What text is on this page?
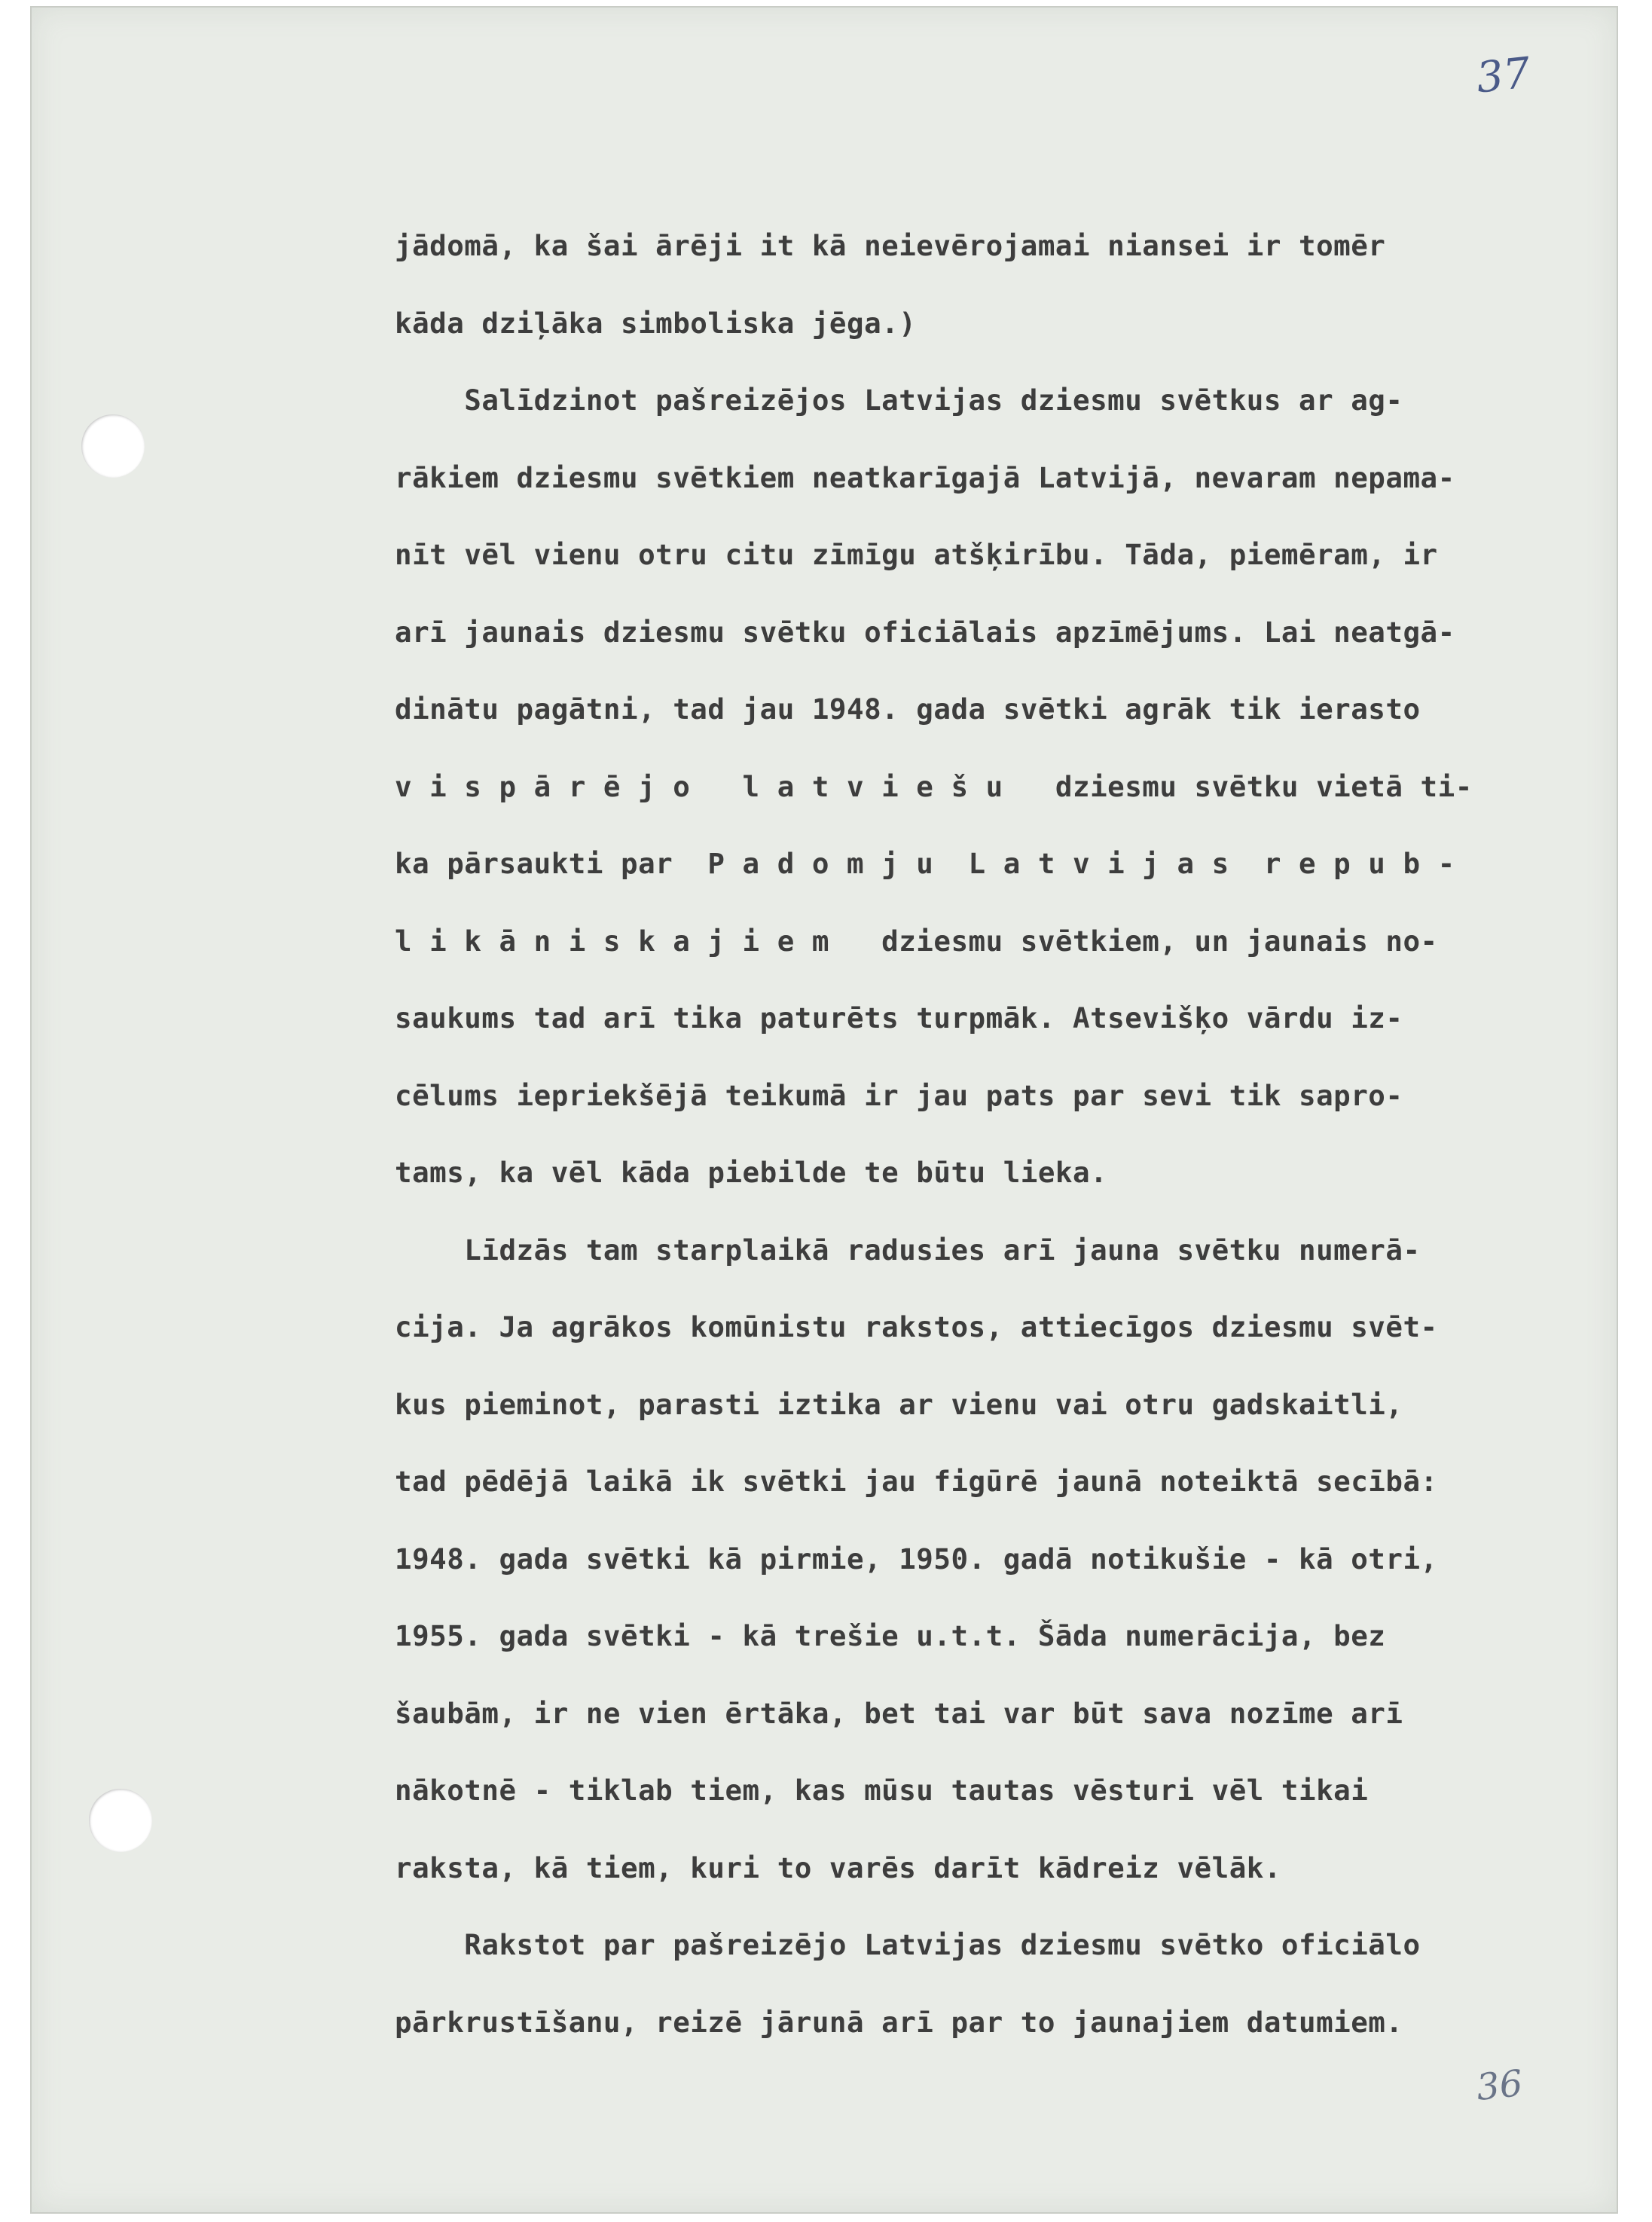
37
36
jādomā, ka šai ārēji it kā neievērojamai niansei ir tomēr
kāda dziļāka simboliska jēga.)
Salīdzinot pašreizējos Latvijas dziesmu svētkus ar ag-
rākiem dziesmu svētkiem neatkarīgajā Latvijā, nevaram nepama-
nīt vēl vienu otru citu zīmīgu atšķirību. Tāda, piemēram, ir
arī jaunais dziesmu svētku oficiālais apzīmējums. Lai neatgā-
dinātu pagātni, tad jau 1948. gada svētki agrāk tik ierasto
v i s p ā r ē j o   l a t v i e š u   dziesmu svētku vietā ti-
ka pārsaukti par  P a d o m j u  L a t v i j a s  r e p u b -
l i k ā n i s k a j i e m   dziesmu svētkiem, un jaunais no-
saukums tad arī tika paturēts turpmāk. Atsevišķo vārdu iz-
cēlums iepriekšējā teikumā ir jau pats par sevi tik sapro-
tams, ka vēl kāda piebilde te būtu lieka.
Līdzās tam starplaikā radusies arī jauna svētku numerā-
cija. Ja agrākos komūnistu rakstos, attiecīgos dziesmu svēt-
kus pieminot, parasti iztika ar vienu vai otru gadskaitli,
tad pēdējā laikā ik svētki jau figūrē jaunā noteiktā secībā:
1948. gada svētki kā pirmie, 1950. gadā notikušie - kā otri,
1955. gada svētki - kā trešie u.t.t. Šāda numerācija, bez
šaubām, ir ne vien ērtāka, bet tai var būt sava nozīme arī
nākotnē - tiklab tiem, kas mūsu tautas vēsturi vēl tikai
raksta, kā tiem, kuri to varēs darīt kādreiz vēlāk.
Rakstot par pašreizējo Latvijas dziesmu svētko oficiālo
pārkrustīšanu, reizē jārunā arī par to jaunajiem datumiem.
